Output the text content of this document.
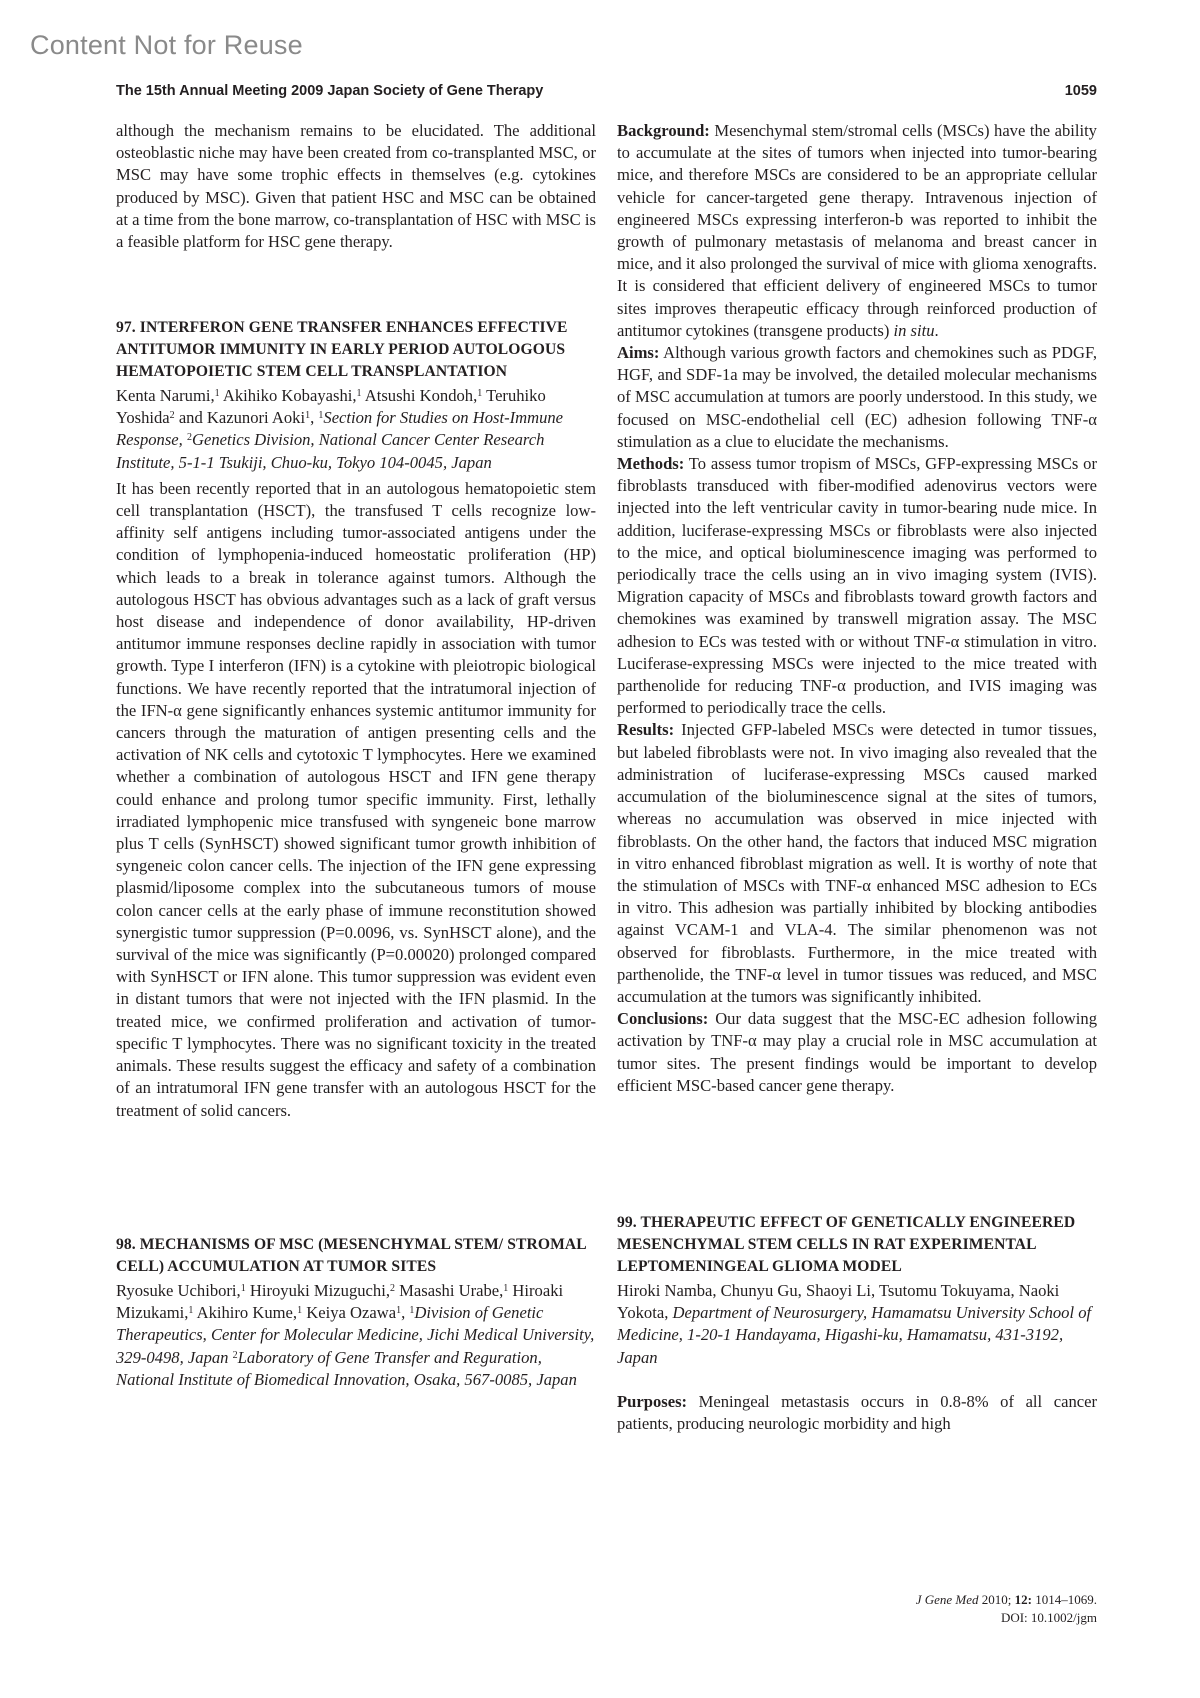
Content Not for Reuse
The 15th Annual Meeting 2009 Japan Society of Gene Therapy	1059

although the mechanism remains to be elucidated. The additional osteoblastic niche may have been created from co-transplanted MSC, or MSC may have some trophic effects in themselves (e.g. cytokines produced by MSC). Given that patient HSC and MSC can be obtained at a time from the bone marrow, co-transplantation of HSC with MSC is a feasible platform for HSC gene therapy.

97. INTERFERON GENE TRANSFER ENHANCES EFFECTIVE ANTITUMOR IMMUNITY IN EARLY PERIOD AUTOLOGOUS HEMATOPOIETIC STEM CELL TRANSPLANTATION

Kenta Narumi,$^1$ Akihiko Kobayashi,$^1$ Atsushi Kondoh,$^1$ Teruhiko Yoshida$^2$ and Kazunori Aoki$^1$, $^1$Section for Studies on Host-Immune Response, $^2$Genetics Division, National Cancer Center Research Institute, 5-1-1 Tsukiji, Chuo-ku, Tokyo 104-0045, Japan

It has been recently reported that in an autologous hematopoietic stem cell transplantation (HSCT), the transfused T cells recognize low-affinity self antigens including tumor-associated antigens under the condition of lymphopenia-induced homeostatic proliferation (HP) which leads to a break in tolerance against tumors. Although the autologous HSCT has obvious advantages such as a lack of graft versus host disease and independence of donor availability, HP-driven antitumor immune responses decline rapidly in association with tumor growth. Type I interferon (IFN) is a cytokine with pleiotropic biological functions. We have recently reported that the intratumoral injection of the IFN-α gene significantly enhances systemic antitumor immunity for cancers through the maturation of antigen presenting cells and the activation of NK cells and cytotoxic T lymphocytes. Here we examined whether a combination of autologous HSCT and IFN gene therapy could enhance and prolong tumor specific immunity. First, lethally irradiated lymphopenic mice transfused with syngeneic bone marrow plus T cells (SynHSCT) showed significant tumor growth inhibition of syngeneic colon cancer cells. The injection of the IFN gene expressing plasmid/liposome complex into the subcutaneous tumors of mouse colon cancer cells at the early phase of immune reconstitution showed synergistic tumor suppression (P=0.0096, vs. SynHSCT alone), and the survival of the mice was significantly (P=0.00020) prolonged compared with SynHSCT or IFN alone. This tumor suppression was evident even in distant tumors that were not injected with the IFN plasmid. In the treated mice, we confirmed proliferation and activation of tumor-specific T lymphocytes. There was no significant toxicity in the treated animals. These results suggest the efficacy and safety of a combination of an intratumoral IFN gene transfer with an autologous HSCT for the treatment of solid cancers.

98. MECHANISMS OF MSC (MESENCHYMAL STEM/ STROMAL CELL) ACCUMULATION AT TUMOR SITES

Ryosuke Uchibori,$^1$ Hiroyuki Mizuguchi,$^2$ Masashi Urabe,$^1$ Hiroaki Mizukami,$^1$ Akihiro Kume,$^1$ Keiya Ozawa$^1$, $^1$Division of Genetic Therapeutics, Center for Molecular Medicine, Jichi Medical University, 329-0498, Japan $^2$Laboratory of Gene Transfer and Reguration, National Institute of Biomedical Innovation, Osaka, 567-0085, Japan

Background: Mesenchymal stem/stromal cells (MSCs) have the ability to accumulate at the sites of tumors when injected into tumor-bearing mice, and therefore MSCs are considered to be an appropriate cellular vehicle for cancer-targeted gene therapy. Intravenous injection of engineered MSCs expressing interferon-b was reported to inhibit the growth of pulmonary metastasis of melanoma and breast cancer in mice, and it also prolonged the survival of mice with glioma xenografts. It is considered that efficient delivery of engineered MSCs to tumor sites improves therapeutic efficacy through reinforced production of antitumor cytokines (transgene products) in situ.

Aims: Although various growth factors and chemokines such as PDGF, HGF, and SDF-1a may be involved, the detailed molecular mechanisms of MSC accumulation at tumors are poorly understood. In this study, we focused on MSC-endothelial cell (EC) adhesion following TNF-α stimulation as a clue to elucidate the mechanisms.

Methods: To assess tumor tropism of MSCs, GFP-expressing MSCs or fibroblasts transduced with fiber-modified adenovirus vectors were injected into the left ventricular cavity in tumor-bearing nude mice. In addition, luciferase-expressing MSCs or fibroblasts were also injected to the mice, and optical bioluminescence imaging was performed to periodically trace the cells using an in vivo imaging system (IVIS). Migration capacity of MSCs and fibroblasts toward growth factors and chemokines was examined by transwell migration assay. The MSC adhesion to ECs was tested with or without TNF-α stimulation in vitro. Luciferase-expressing MSCs were injected to the mice treated with parthenolide for reducing TNF-α production, and IVIS imaging was performed to periodically trace the cells.

Results: Injected GFP-labeled MSCs were detected in tumor tissues, but labeled fibroblasts were not. In vivo imaging also revealed that the administration of luciferase-expressing MSCs caused marked accumulation of the bioluminescence signal at the sites of tumors, whereas no accumulation was observed in mice injected with fibroblasts. On the other hand, the factors that induced MSC migration in vitro enhanced fibroblast migration as well. It is worthy of note that the stimulation of MSCs with TNF-α enhanced MSC adhesion to ECs in vitro. This adhesion was partially inhibited by blocking antibodies against VCAM-1 and VLA-4. The similar phenomenon was not observed for fibroblasts. Furthermore, in the mice treated with parthenolide, the TNF-α level in tumor tissues was reduced, and MSC accumulation at the tumors was significantly inhibited.

Conclusions: Our data suggest that the MSC-EC adhesion following activation by TNF-α may play a crucial role in MSC accumulation at tumor sites. The present findings would be important to develop efficient MSC-based cancer gene therapy.

99. THERAPEUTIC EFFECT OF GENETICALLY ENGINEERED MESENCHYMAL STEM CELLS IN RAT EXPERIMENTAL LEPTOMENINGEAL GLIOMA MODEL

Hiroki Namba, Chunyu Gu, Shaoyi Li, Tsutomu Tokuyama, Naoki Yokota, Department of Neurosurgery, Hamamatsu University School of Medicine, 1-20-1 Handayama, Higashi-ku, Hamamatsu, 431-3192, Japan

Purposes: Meningeal metastasis occurs in 0.8-8% of all cancer patients, producing neurologic morbidity and high

J Gene Med 2010; 12: 1014–1069.
DOI: 10.1002/jgm
